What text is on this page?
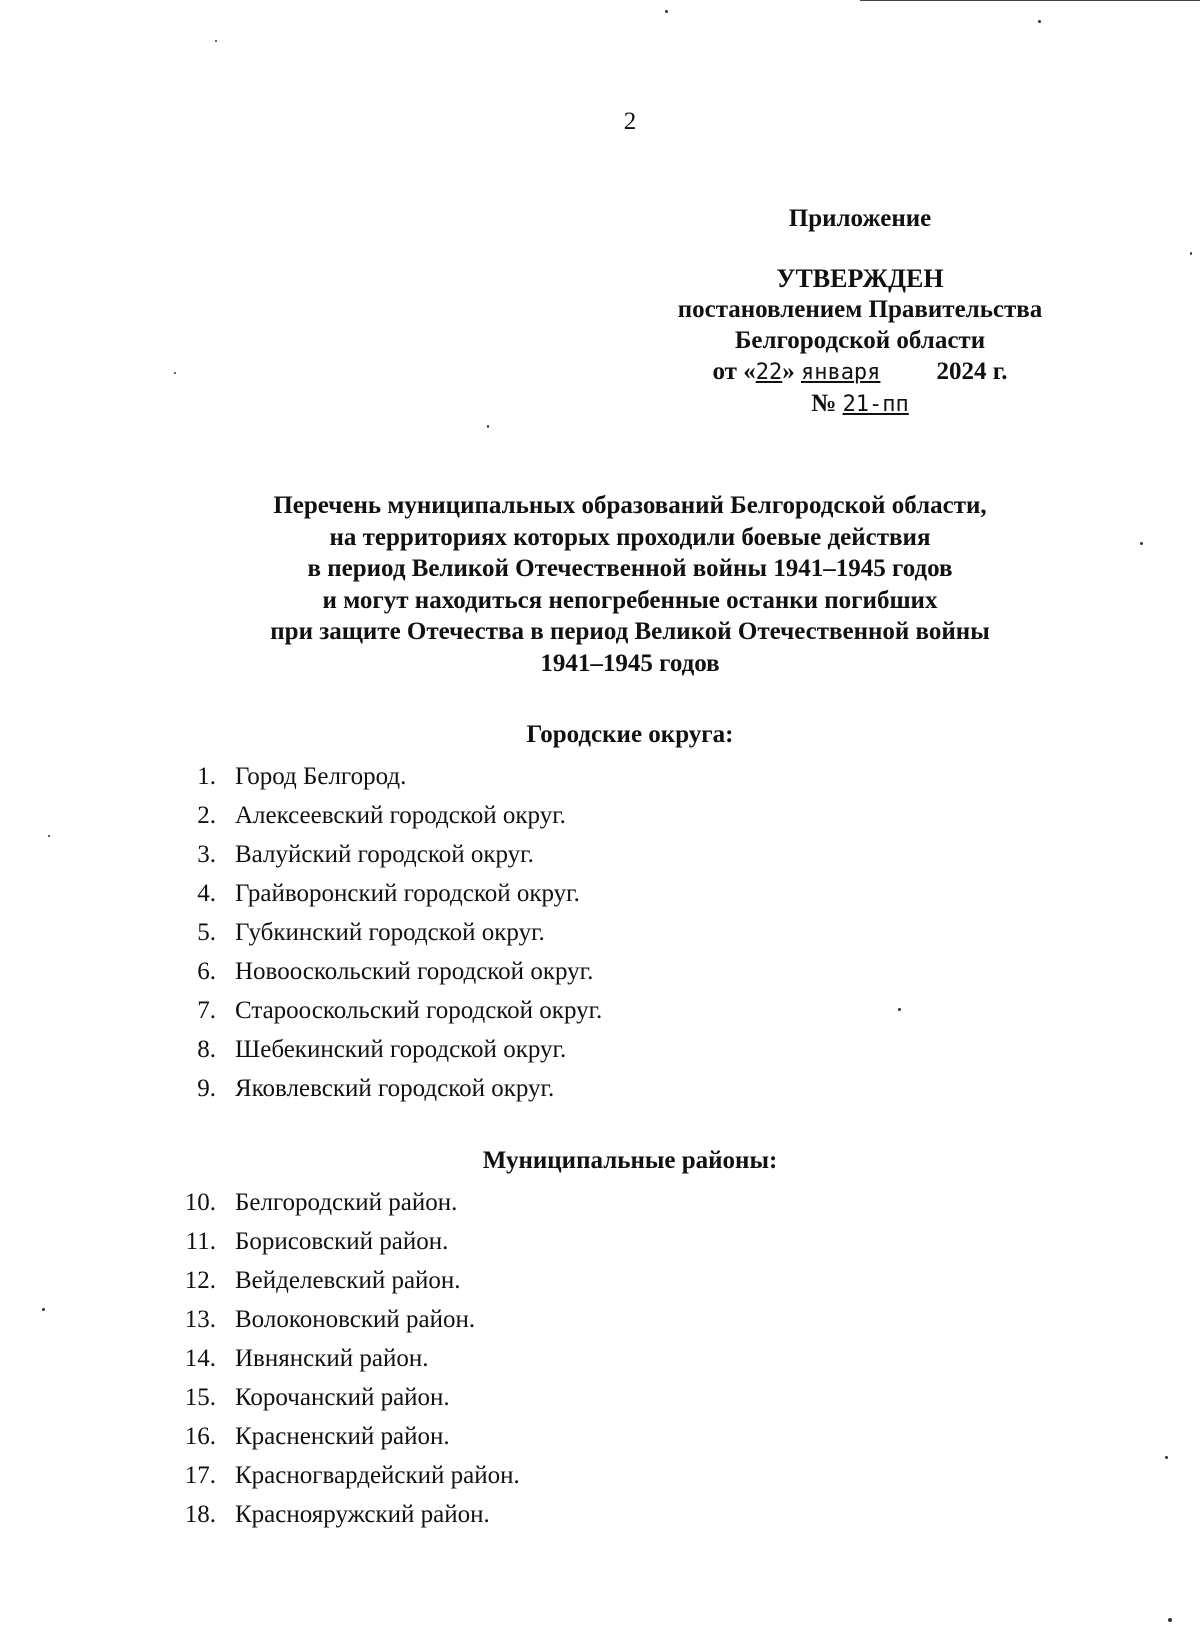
2
Приложение
УТВЕРЖДЕН
постановлением Правительства
Белгородской области
от «22» января 2024 г.
№ 21-пп
Перечень муниципальных образований Белгородской области,
на территориях которых проходили боевые действия
в период Великой Отечественной войны 1941–1945 годов
и могут находиться непогребенные останки погибших
при защите Отечества в период Великой Отечественной войны
1941–1945 годов
Городские округа:
1. Город Белгород.
2. Алексеевский городской округ.
3. Валуйский городской округ.
4. Грайворонский городской округ.
5. Губкинский городской округ.
6. Новооскольский городской округ.
7. Старооскольский городской округ.
8. Шебекинский городской округ.
9. Яковлевский городской округ.
Муниципальные районы:
10. Белгородский район.
11. Борисовский район.
12. Вейделевский район.
13. Волоконовский район.
14. Ивнянский район.
15. Корочанский район.
16. Красненский район.
17. Красногвардейский район.
18. Краснояружский район.
